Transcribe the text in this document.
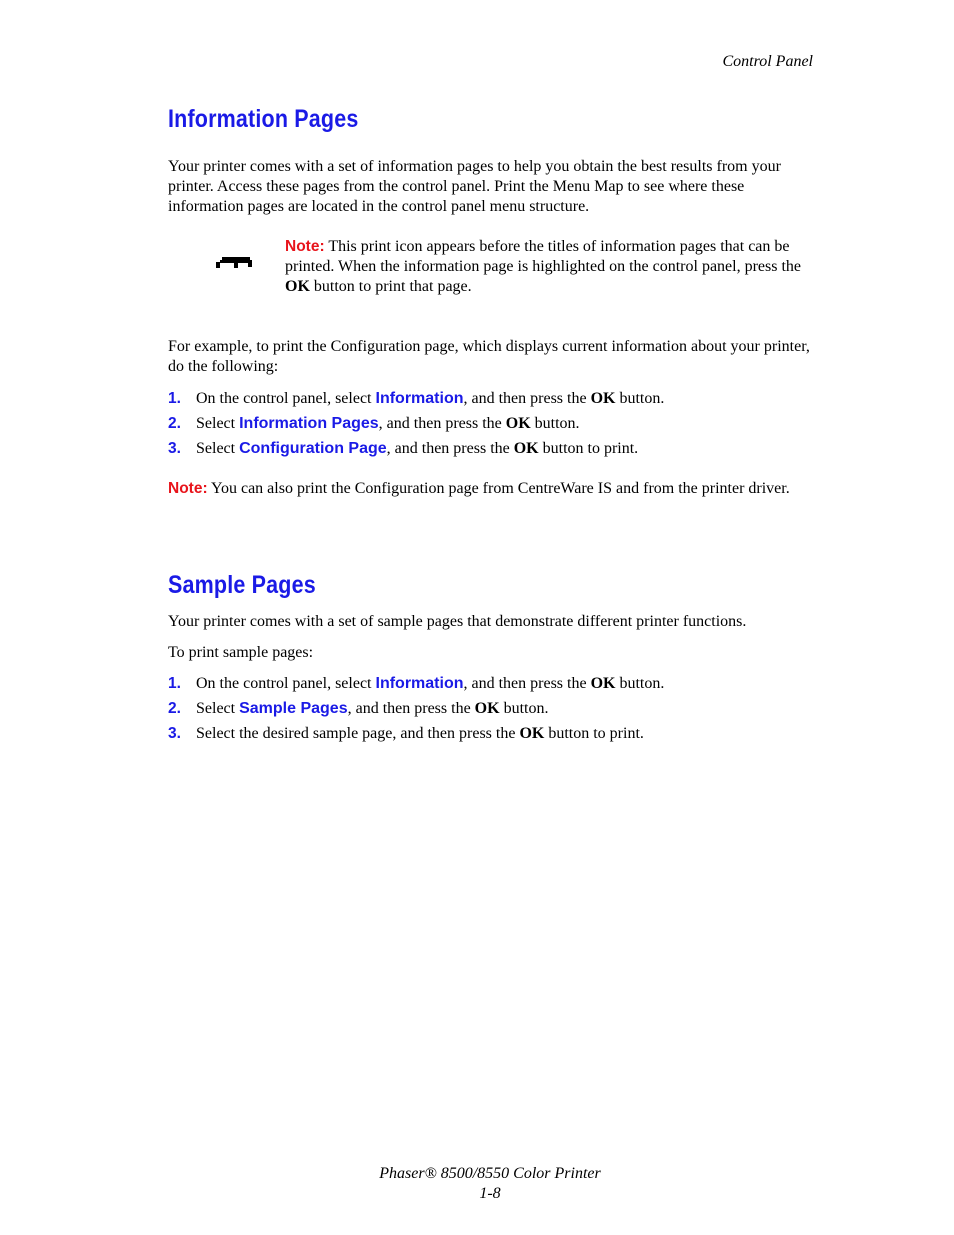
Control Panel
Information Pages
Your printer comes with a set of information pages to help you obtain the best results from your printer. Access these pages from the control panel. Print the Menu Map to see where these information pages are located in the control panel menu structure.
Note: This print icon appears before the titles of information pages that can be printed. When the information page is highlighted on the control panel, press the OK button to print that page.
For example, to print the Configuration page, which displays current information about your printer, do the following:
1. On the control panel, select Information, and then press the OK button.
2. Select Information Pages, and then press the OK button.
3. Select Configuration Page, and then press the OK button to print.
Note: You can also print the Configuration page from CentreWare IS and from the printer driver.
Sample Pages
Your printer comes with a set of sample pages that demonstrate different printer functions.
To print sample pages:
1. On the control panel, select Information, and then press the OK button.
2. Select Sample Pages, and then press the OK button.
3. Select the desired sample page, and then press the OK button to print.
Phaser® 8500/8550 Color Printer
1-8
